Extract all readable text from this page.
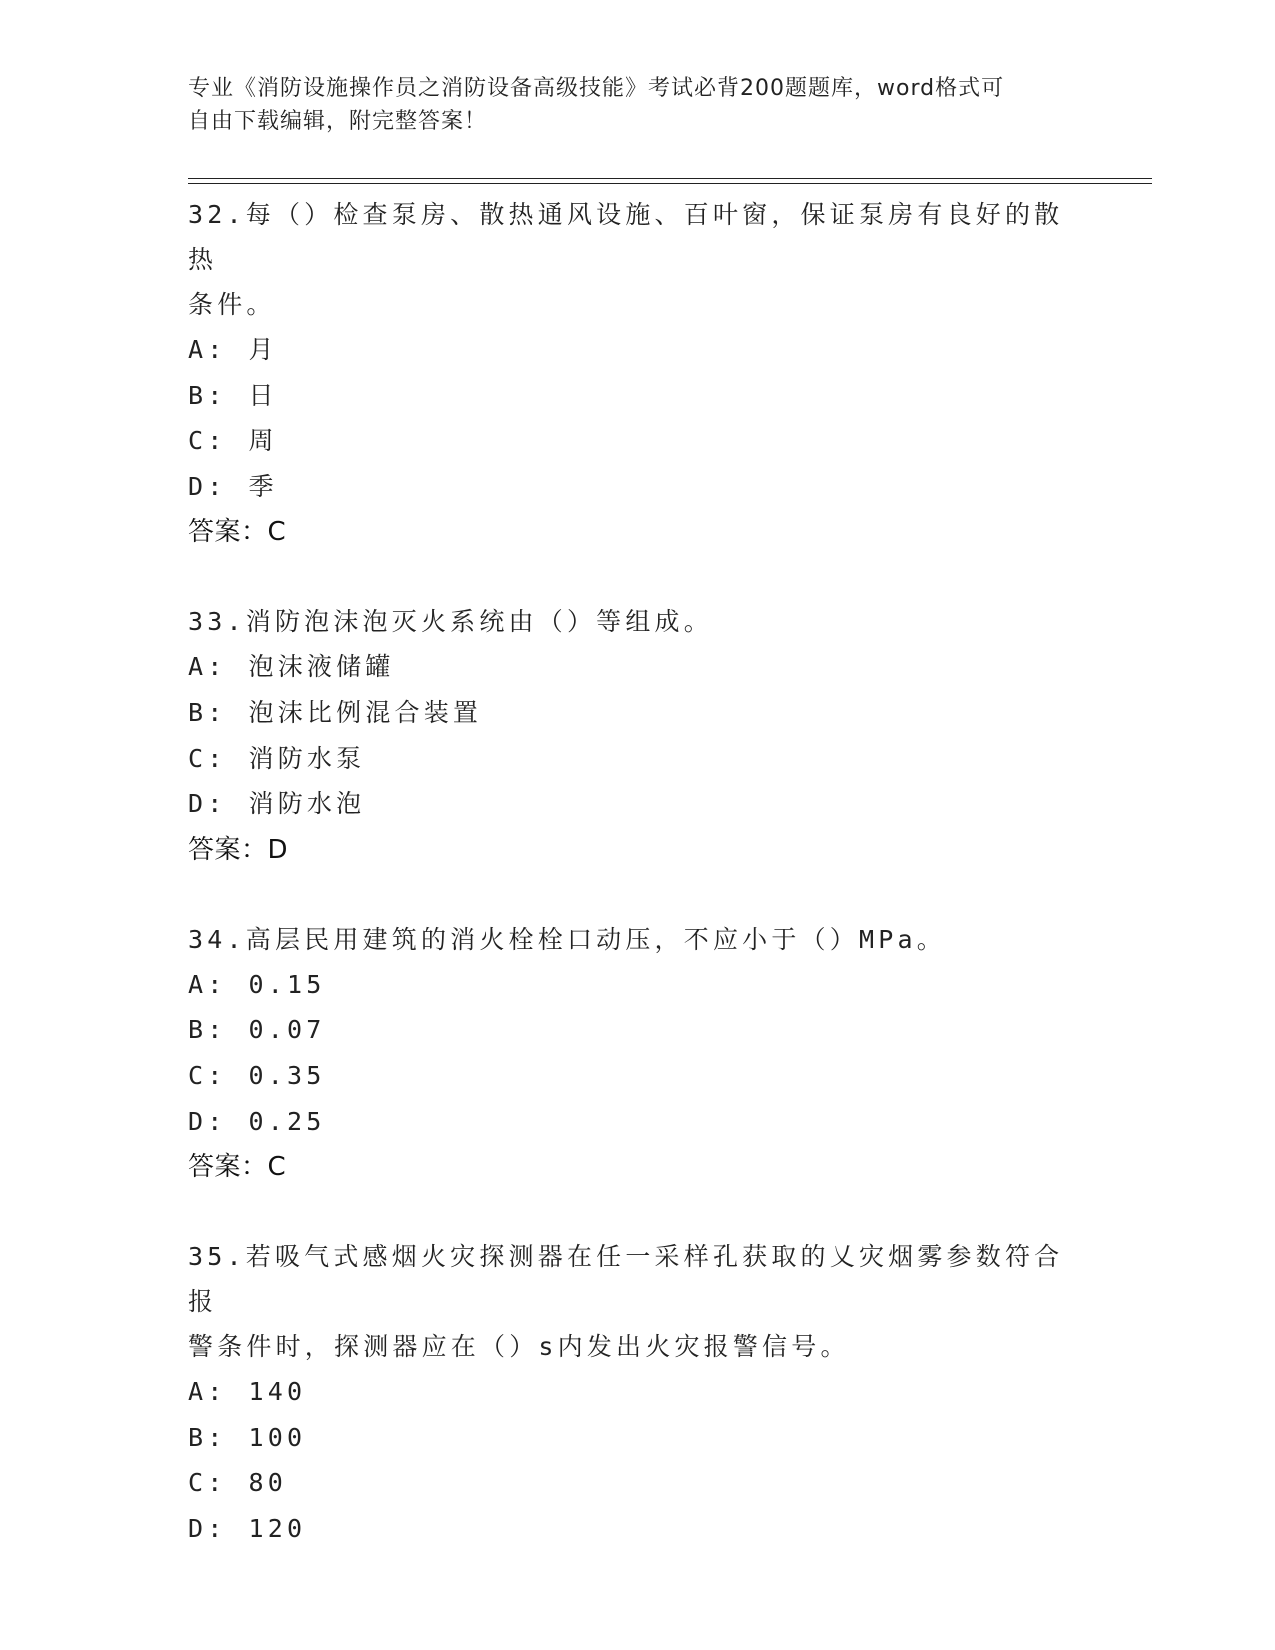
专业《消防设施操作员之消防设备高级技能》考试必背200题题库，word格式可
自由下载编辑，附完整答案！
32.每（）检查泵房、散热通风设施、百叶窗，保证泵房有良好的散热
条件。
A: 月
B: 日
C: 周
D: 季
答案：C
33.消防泡沫泡灭火系统由（）等组成。
A: 泡沫液储罐
B: 泡沫比例混合装置
C: 消防水泵
D: 消防水泡
答案：D
34.高层民用建筑的消火栓栓口动压，不应小于（）MPa。
A: 0.15
B: 0.07
C: 0.35
D: 0.25
答案：C
35.若吸气式感烟火灾探测器在任一采样孔获取的乂灾烟雾参数符合报
警条件时，探测器应在（）s内发出火灾报警信号。
A: 140
B: 100
C: 80
D: 120
